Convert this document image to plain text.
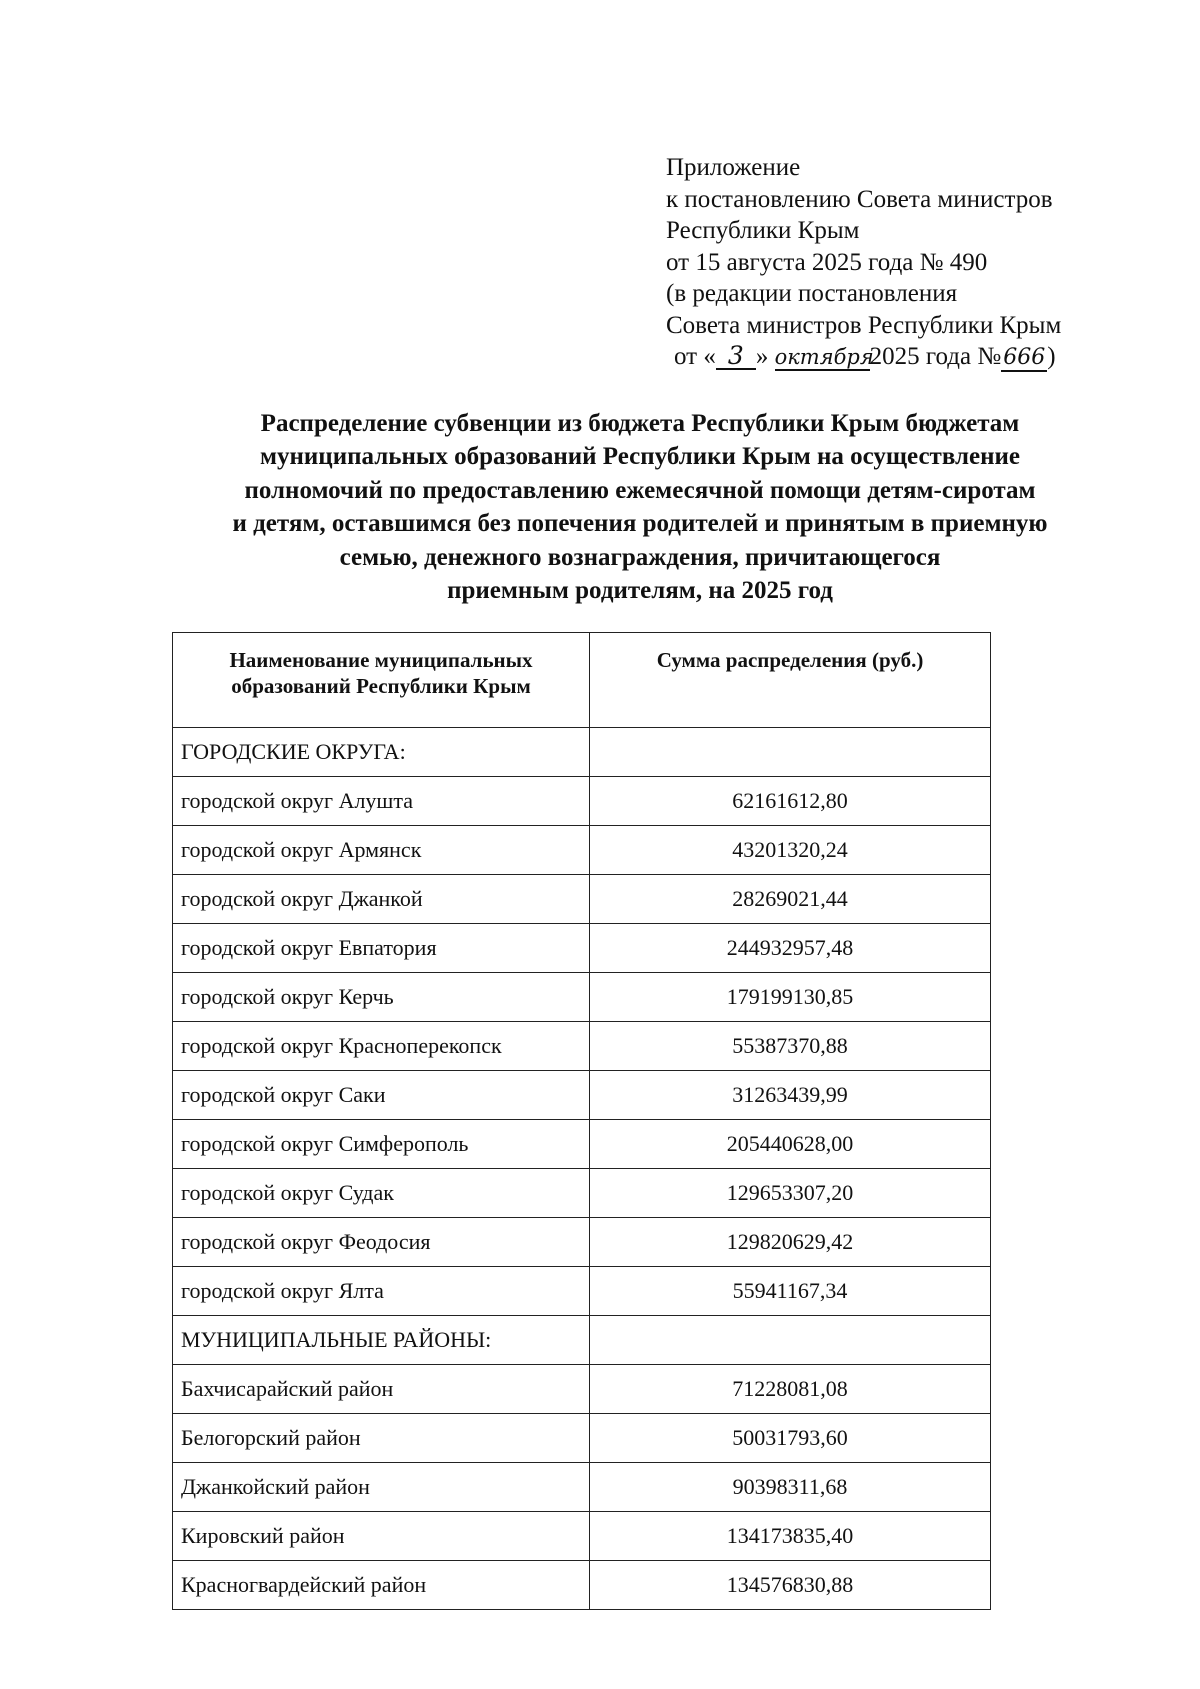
Приложение
к постановлению Совета министров
Республики Крым
от 15 августа 2025 года № 490
(в редакции постановления
Совета министров Республики Крым
от « 3 » октября2025 года №666)
Распределение субвенции из бюджета Республики Крым бюджетам
муниципальных образований Республики Крым на осуществление
полномочий по предоставлению ежемесячной помощи детям-сиротам
и детям, оставшимся без попечения родителей и принятым в приемную
семью, денежного вознаграждения, причитающегося
приемным родителям, на 2025 год
Наименование муниципальных образований Республики Крым	Сумма распределения (руб.)
ГОРОДСКИЕ ОКРУГА:	
городской округ Алушта	62161612,80
городской округ Армянск	43201320,24
городской округ Джанкой	28269021,44
городской округ Евпатория	244932957,48
городской округ Керчь	179199130,85
городской округ Красноперекопск	55387370,88
городской округ Саки	31263439,99
городской округ Симферополь	205440628,00
городской округ Судак	129653307,20
городской округ Феодосия	129820629,42
городской округ Ялта	55941167,34
МУНИЦИПАЛЬНЫЕ РАЙОНЫ:	
Бахчисарайский район	71228081,08
Белогорский район	50031793,60
Джанкойский район	90398311,68
Кировский район	134173835,40
Красногвардейский район	134576830,88
